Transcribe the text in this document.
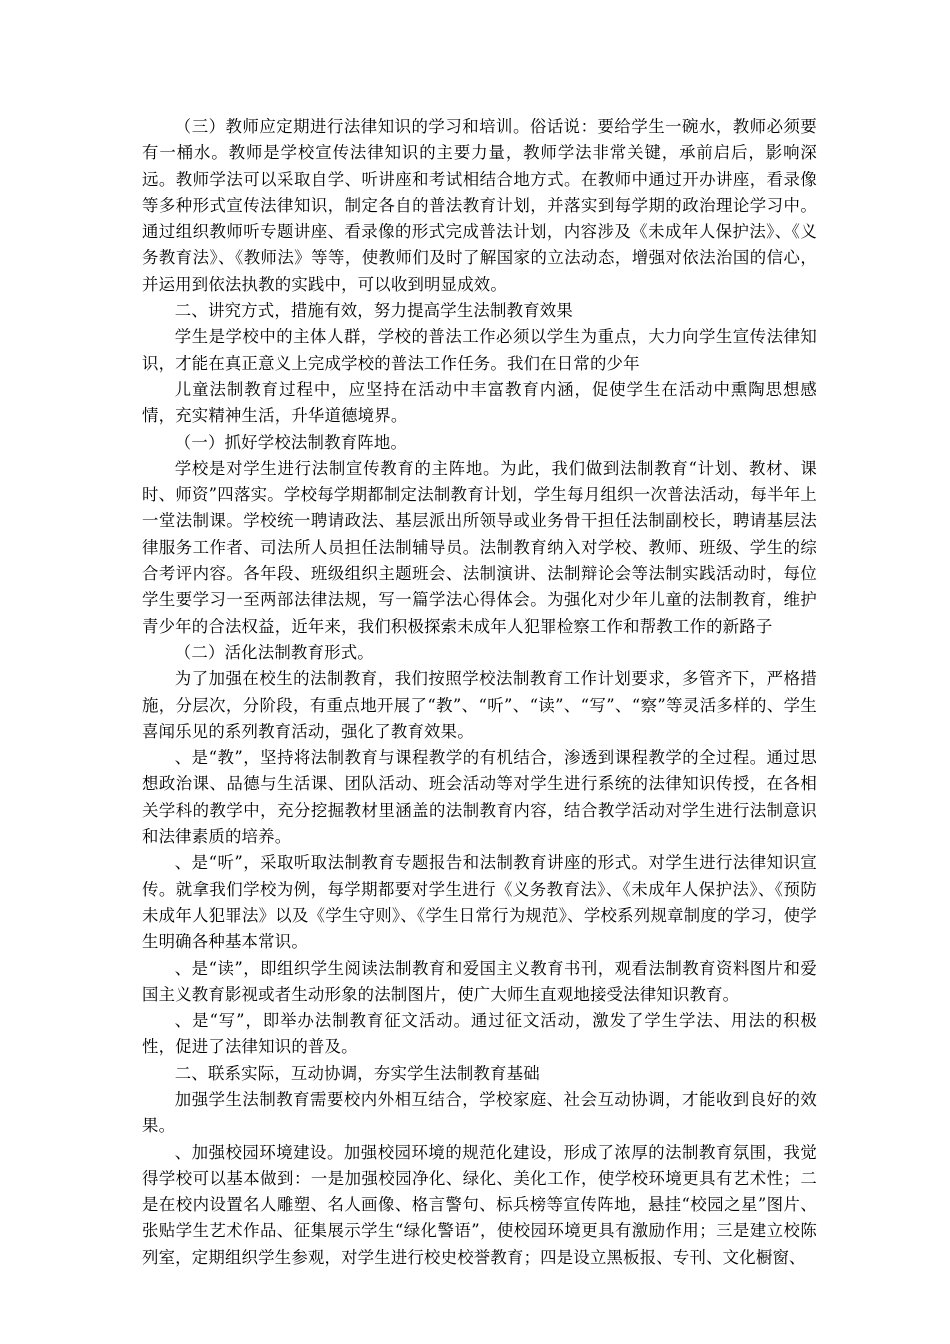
（三）教师应定期进行法律知识的学习和培训。俗话说：要给学生一碗水，教师必须要有一桶水。教师是学校宣传法律知识的主要力量，教师学法非常关键，承前启后，影响深远。教师学法可以采取自学、听讲座和考试相结合地方式。在教师中通过开办讲座，看录像等多种形式宣传法律知识，制定各自的普法教育计划，并落实到每学期的政治理论学习中。通过组织教师听专题讲座、看录像的形式完成普法计划，内容涉及《未成年人保护法》、《义务教育法》、《教师法》等等，使教师们及时了解国家的立法动态，增强对依法治国的信心，并运用到依法执教的实践中，可以收到明显成效。

二、讲究方式，措施有效，努力提高学生法制教育效果

学生是学校中的主体人群，学校的普法工作必须以学生为重点，大力向学生宣传法律知识，才能在真正意义上完成学校的普法工作任务。我们在日常的少年

儿童法制教育过程中，应坚持在活动中丰富教育内涵，促使学生在活动中熏陶思想感情，充实精神生活，升华道德境界。

（一）抓好学校法制教育阵地。

学校是对学生进行法制宣传教育的主阵地。为此，我们做到法制教育“计划、教材、课时、师资”四落实。学校每学期都制定法制教育计划，学生每月组织一次普法活动，每半年上一堂法制课。学校统一聘请政法、基层派出所领导或业务骨干担任法制副校长，聘请基层法律服务工作者、司法所人员担任法制辅导员。法制教育纳入对学校、教师、班级、学生的综合考评内容。各年段、班级组织主题班会、法制演讲、法制辩论会等法制实践活动时，每位学生要学习一至两部法律法规，写一篇学法心得体会。为强化对少年儿童的法制教育，维护青少年的合法权益，近年来，我们积极探索未成年人犯罪检察工作和帮教工作的新路子

（二）活化法制教育形式。

为了加强在校生的法制教育，我们按照学校法制教育工作计划要求，多管齐下，严格措施，分层次，分阶段，有重点地开展了“教”、“听”、“读”、“写”、“察”等灵活多样的、学生喜闻乐见的系列教育活动，强化了教育效果。

、是“教”，坚持将法制教育与课程教学的有机结合，渗透到课程教学的全过程。通过思想政治课、品德与生活课、团队活动、班会活动等对学生进行系统的法律知识传授，在各相关学科的教学中，充分挖掘教材里涵盖的法制教育内容，结合教学活动对学生进行法制意识和法律素质的培养。

、是“听”，采取听取法制教育专题报告和法制教育讲座的形式。对学生进行法律知识宣传。就拿我们学校为例，每学期都要对学生进行《义务教育法》、《未成年人保护法》、《预防未成年人犯罪法》以及《学生守则》、《学生日常行为规范》、学校系列规章制度的学习，使学生明确各种基本常识。

、是“读”，即组织学生阅读法制教育和爱国主义教育书刊，观看法制教育资料图片和爱国主义教育影视或者生动形象的法制图片，使广大师生直观地接受法律知识教育。

、是“写”，即举办法制教育征文活动。通过征文活动，激发了学生学法、用法的积极性，促进了法律知识的普及。

二、联系实际，互动协调，夯实学生法制教育基础

加强学生法制教育需要校内外相互结合，学校家庭、社会互动协调，才能收到良好的效果。

、加强校园环境建设。加强校园环境的规范化建设，形成了浓厚的法制教育氛围，我觉得学校可以基本做到：一是加强校园净化、绿化、美化工作，使学校环境更具有艺术性；二是在校内设置名人雕塑、名人画像、格言警句、标兵榜等宣传阵地，悬挂“校园之星”图片、张贴学生艺术作品、征集展示学生“绿化警语”，使校园环境更具有激励作用；三是建立校陈列室，定期组织学生参观，对学生进行校史校誉教育；四是设立黑板报、专刊、文化橱窗、
